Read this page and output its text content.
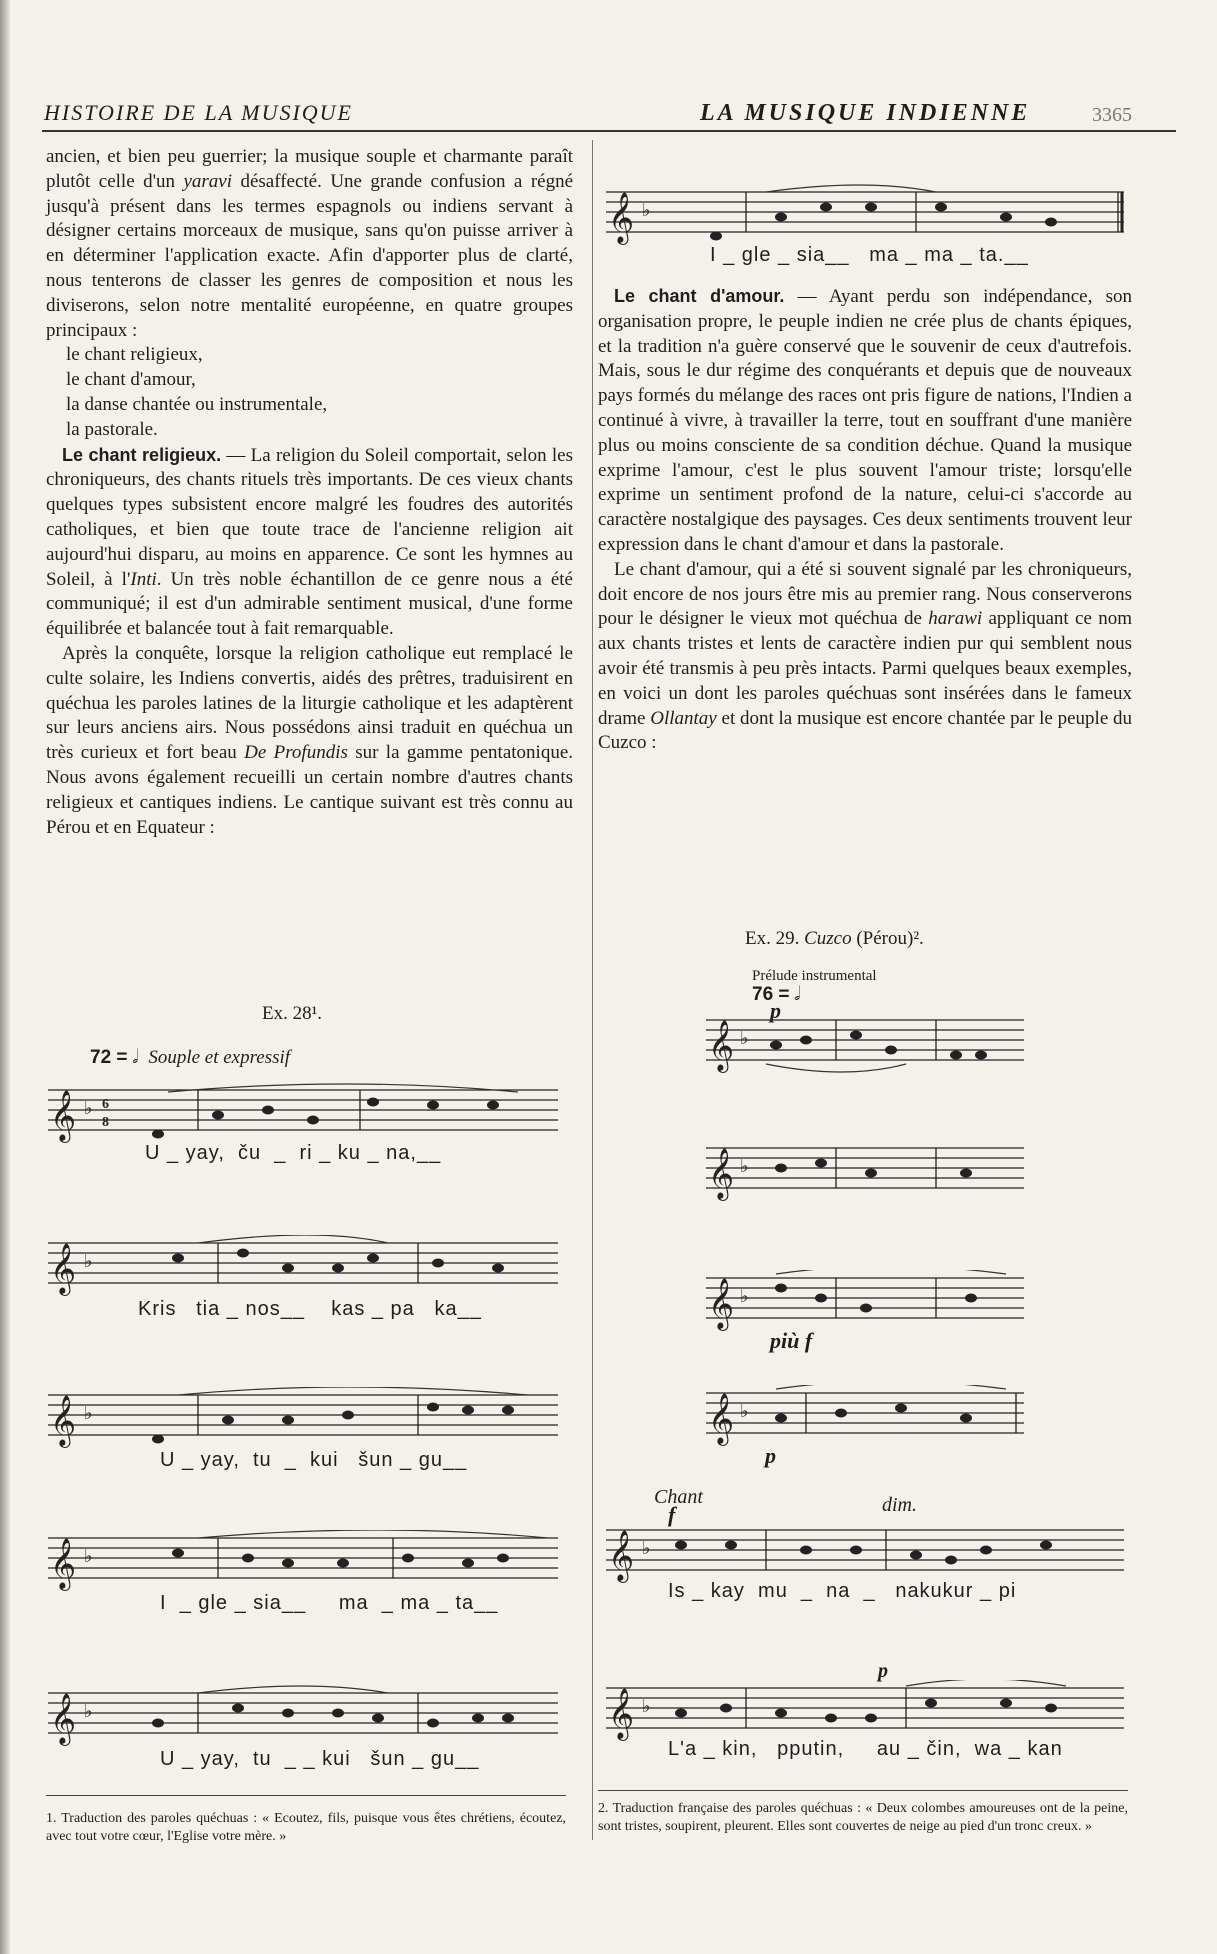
HISTOIRE DE LA MUSIQUE	LA MUSIQUE INDIENNE	3365

ancien, et bien peu guerrier; la musique souple et charmante paraît plutôt celle d'un yaravi désaffecté. Une grande confusion a régné jusqu'à présent dans les termes espagnols ou indiens servant à désigner certains morceaux de musique, sans qu'on puisse arriver à en déterminer l'application exacte. Afin d'apporter plus de clarté, nous tenterons de classer les genres de composition et nous les diviserons, selon notre mentalité européenne, en quatre groupes principaux :

le chant religieux,

le chant d'amour,

la danse chantée ou instrumentale,

la pastorale.

Le chant religieux. — La religion du Soleil comportait, selon les chroniqueurs, des chants rituels très importants. De ces vieux chants quelques types subsistent encore malgré les foudres des autorités catholiques, et bien que toute trace de l'ancienne religion ait aujourd'hui disparu, au moins en apparence. Ce sont les hymnes au Soleil, à l'Inti. Un très noble échantillon de ce genre nous a été communiqué; il est d'un admirable sentiment musical, d'une forme équilibrée et balancée tout à fait remarquable.

Après la conquête, lorsque la religion catholique eut remplacé le culte solaire, les Indiens convertis, aidés des prêtres, traduisirent en quéchua les paroles latines de la liturgie catholique et les adaptèrent sur leurs anciens airs. Nous possédons ainsi traduit en quéchua un très curieux et fort beau De Profundis sur la gamme pentatonique. Nous avons également recueilli un certain nombre d'autres chants religieux et cantiques indiens. Le cantique suivant est très connu au Pérou et en Equateur :

Ex. 28¹.
72 = 𝅗𝅥 Souple et expressif
𝄞 ♭ 6
8
U _ yay,  ču  _  ri _ ku _ na,__
𝄞 ♭
Kris   tia _ nos__    kas _ pa   ka__
𝄞 ♭
U _ yay,  tu  _  kui   šun _ gu__
𝄞 ♭
I  _ gle _ sia__     ma  _ ma _ ta__
𝄞 ♭
U _ yay,  tu  _ _ kui   šun _ gu__
1. Traduction des paroles quéchuas : « Ecoutez, fils, puisque vous êtes chrétiens, écoutez, avec tout votre cœur, l'Eglise votre mère. »
𝄞 ♭
I _ gle _ sia__   ma _ ma _ ta.__

Le chant d'amour. — Ayant perdu son indépendance, son organisation propre, le peuple indien ne crée plus de chants épiques, et la tradition n'a guère conservé que le souvenir de ceux d'autrefois. Mais, sous le dur régime des conquérants et depuis que de nouveaux pays formés du mélange des races ont pris figure de nations, l'Indien a continué à vivre, à travailler la terre, tout en souffrant d'une manière plus ou moins consciente de sa condition déchue. Quand la musique exprime l'amour, c'est le plus souvent l'amour triste; lorsqu'elle exprime un sentiment profond de la nature, celui-ci s'accorde au caractère nostalgique des paysages. Ces deux sentiments trouvent leur expression dans le chant d'amour et dans la pastorale.

Le chant d'amour, qui a été si souvent signalé par les chroniqueurs, doit encore de nos jours être mis au premier rang. Nous conserverons pour le désigner le vieux mot quéchua de harawi appliquant ce nom aux chants tristes et lents de caractère indien pur qui semblent nous avoir été transmis à peu près intacts. Parmi quelques beaux exemples, en voici un dont les paroles quéchuas sont insérées dans le fameux drame Ollantay et dont la musique est encore chantée par le peuple du Cuzco :

Ex. 29. Cuzco (Pérou)².
Prélude instrumental
76 = 𝅗𝅥
p
𝄞 ♭
𝄞 ♭
𝄞 ♭
più f
𝄞 ♭
p
Chant
f	dim.
𝄞 ♭
Is _ kay  mu  _  na  _   nakukur _ pi
p
𝄞 ♭
L'a _ kin,   pputin,     au _ čin,  wa _ kan
2. Traduction française des paroles quéchuas : « Deux colombes amoureuses ont de la peine, sont tristes, soupirent, pleurent. Elles sont couvertes de neige au pied d'un tronc creux. »
